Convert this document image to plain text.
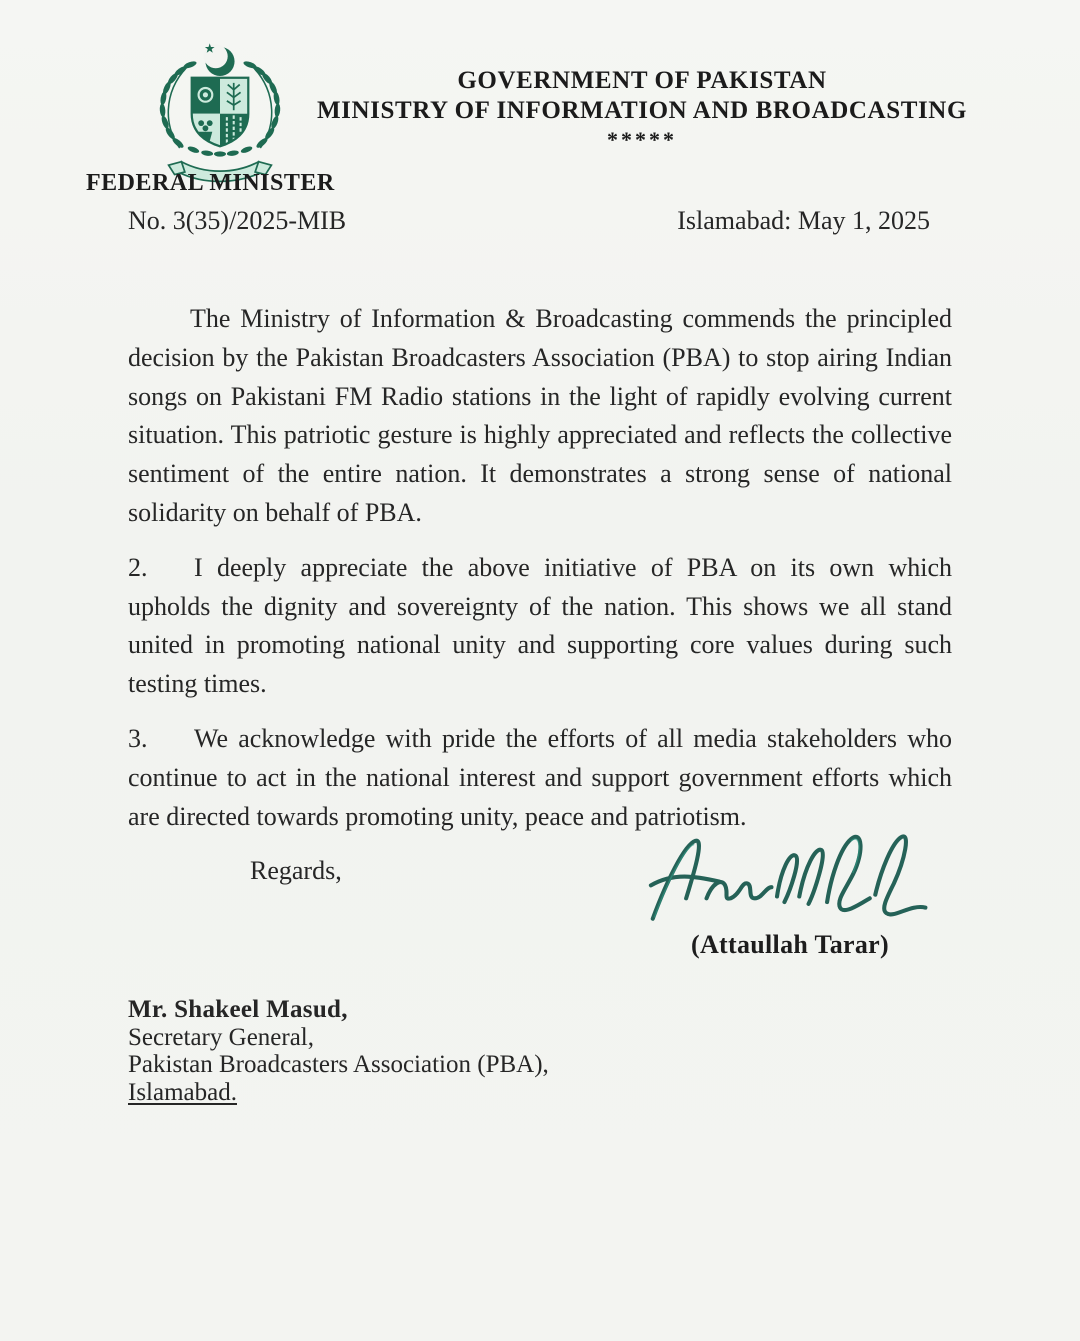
FEDERAL MINISTER
GOVERNMENT OF PAKISTAN
MINISTRY OF INFORMATION AND BROADCASTING
*****
No. 3(35)/2025-MIB	Islamabad: May 1, 2025

The Ministry of Information & Broadcasting commends the principled decision by the Pakistan Broadcasters Association (PBA) to stop airing Indian songs on Pakistani FM Radio stations in the light of rapidly evolving current situation. This patriotic gesture is highly appreciated and reflects the collective sentiment of the entire nation. It demonstrates a strong sense of national solidarity on behalf of PBA.

2. I deeply appreciate the above initiative of PBA on its own which upholds the dignity and sovereignty of the nation. This shows we all stand united in promoting national unity and supporting core values during such testing times.

3. We acknowledge with pride the efforts of all media stakeholders who continue to act in the national interest and support government efforts which are directed towards promoting unity, peace and patriotism.

Regards,
(Attaullah Tarar)
Mr. Shakeel Masud,
Secretary General,
Pakistan Broadcasters Association (PBA),
Islamabad.
